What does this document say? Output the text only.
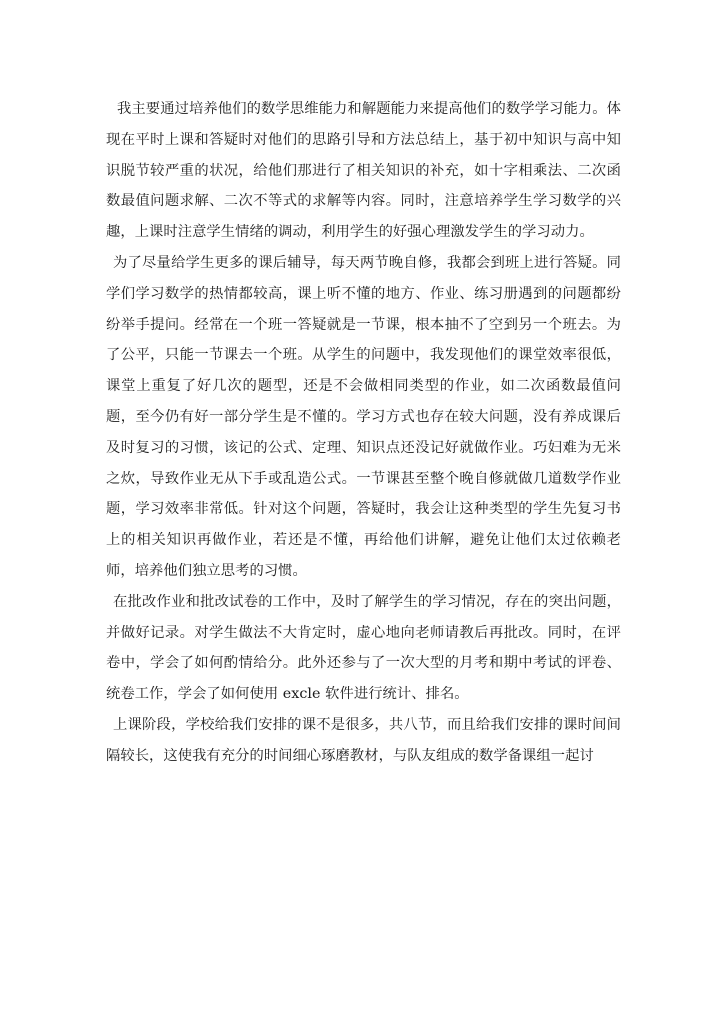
我主要通过培养他们的数学思维能力和解题能力来提高他们的数学学习能力。体现在平时上课和答疑时对他们的思路引导和方法总结上，基于初中知识与高中知识脱节较严重的状况，给他们那进行了相关知识的补充，如十字相乘法、二次函数最值问题求解、二次不等式的求解等内容。同时，注意培养学生学习数学的兴趣，上课时注意学生情绪的调动，利用学生的好强心理激发学生的学习动力。

为了尽量给学生更多的课后辅导，每天两节晚自修，我都会到班上进行答疑。同学们学习数学的热情都较高，课上听不懂的地方、作业、练习册遇到的问题都纷纷举手提问。经常在一个班一答疑就是一节课，根本抽不了空到另一个班去。为了公平，只能一节课去一个班。从学生的问题中，我发现他们的课堂效率很低，课堂上重复了好几次的题型，还是不会做相同类型的作业，如二次函数最值问题，至今仍有好一部分学生是不懂的。学习方式也存在较大问题，没有养成课后及时复习的习惯，该记的公式、定理、知识点还没记好就做作业。巧妇难为无米之炊，导致作业无从下手或乱造公式。一节课甚至整个晚自修就做几道数学作业题，学习效率非常低。针对这个问题，答疑时，我会让这种类型的学生先复习书上的相关知识再做作业，若还是不懂，再给他们讲解，避免让他们太过依赖老师，培养他们独立思考的习惯。

在批改作业和批改试卷的工作中，及时了解学生的学习情况，存在的突出问题，并做好记录。对学生做法不大肯定时，虚心地向老师请教后再批改。同时，在评卷中，学会了如何酌情给分。此外还参与了一次大型的月考和期中考试的评卷、统卷工作，学会了如何使用 excle 软件进行统计、排名。

上课阶段，学校给我们安排的课不是很多，共八节，而且给我们安排的课时间间隔较长，这使我有充分的时间细心琢磨教材，与队友组成的数学备课组一起讨
